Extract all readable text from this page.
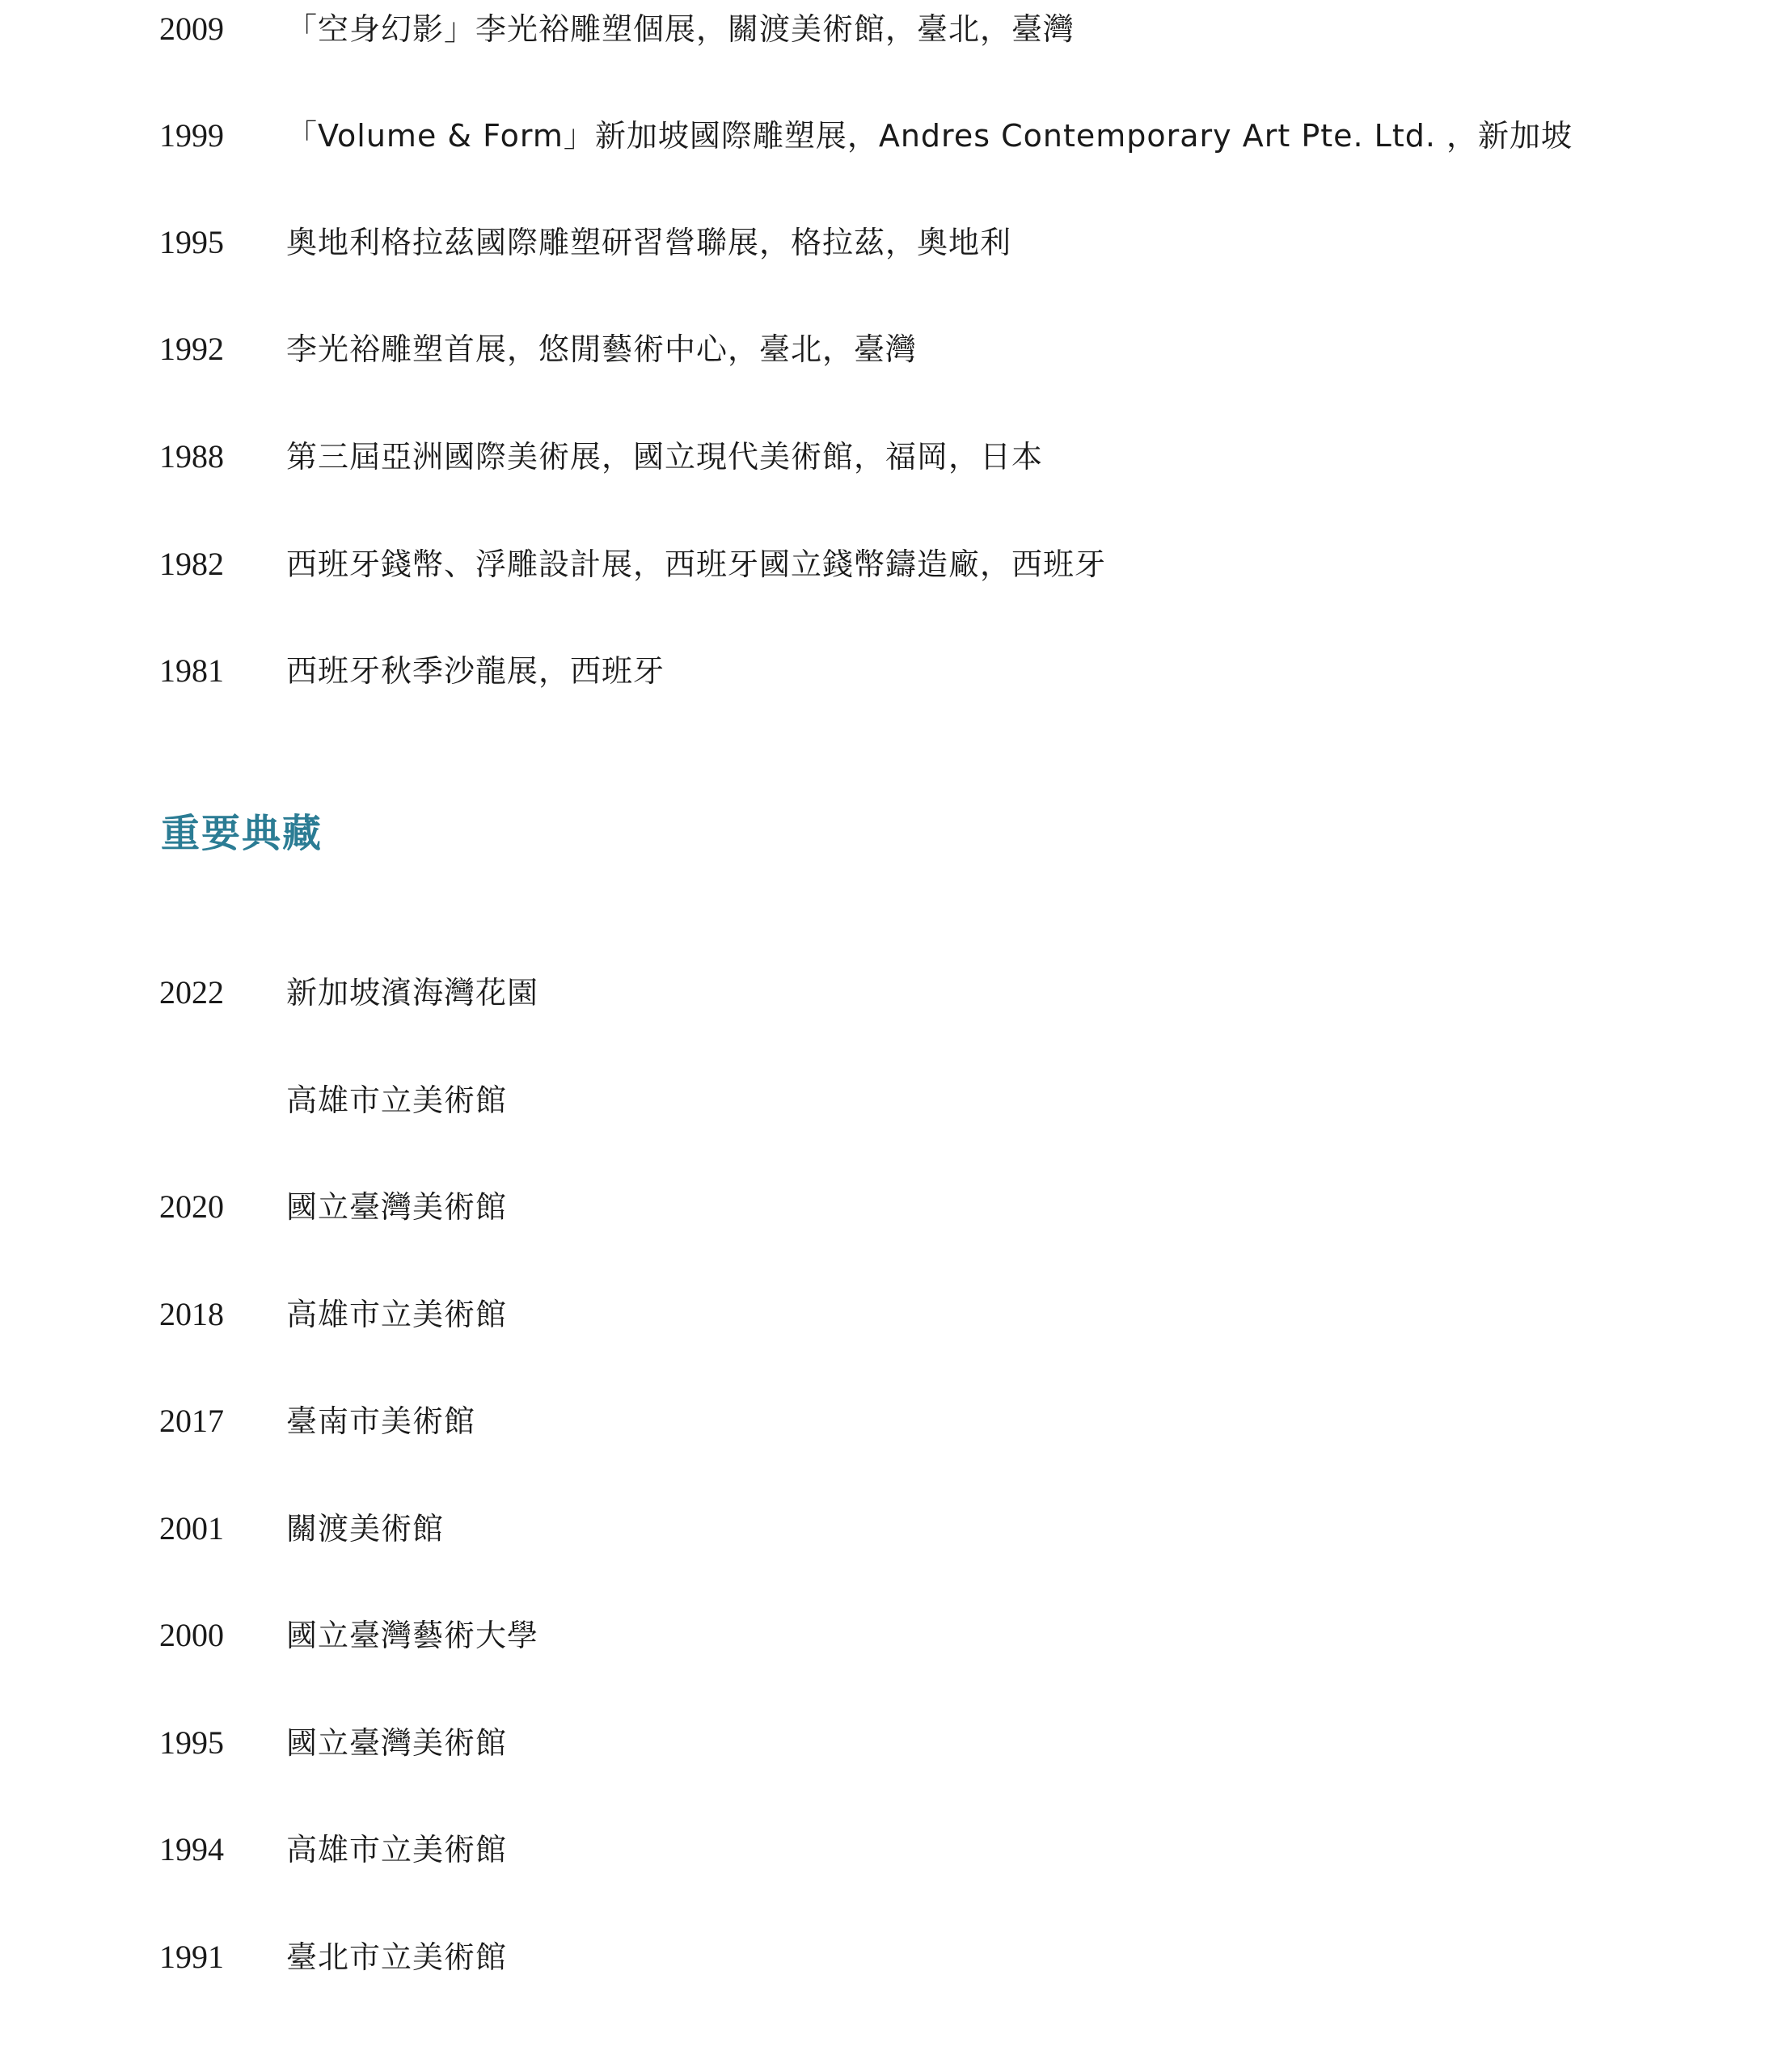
2009	「空身幻影」李光裕雕塑個展，關渡美術館，臺北，臺灣
1999	「Volume & Form」新加坡國際雕塑展，Andres Contemporary Art Pte. Ltd. ，新加坡
1995	奧地利格拉茲國際雕塑研習營聯展，格拉茲，奧地利
1992	李光裕雕塑首展，悠閒藝術中心，臺北，臺灣
1988	第三屆亞洲國際美術展，國立現代美術館，福岡，日本
1982	西班牙錢幣、浮雕設計展，西班牙國立錢幣鑄造廠，西班牙
1981	西班牙秋季沙龍展，西班牙
重要典藏
2022	新加坡濱海灣花園
高雄市立美術館
2020	國立臺灣美術館
2018	高雄市立美術館
2017	臺南市美術館
2001	關渡美術館
2000	國立臺灣藝術大學
1995	國立臺灣美術館
1994	高雄市立美術館
1991	臺北市立美術館
